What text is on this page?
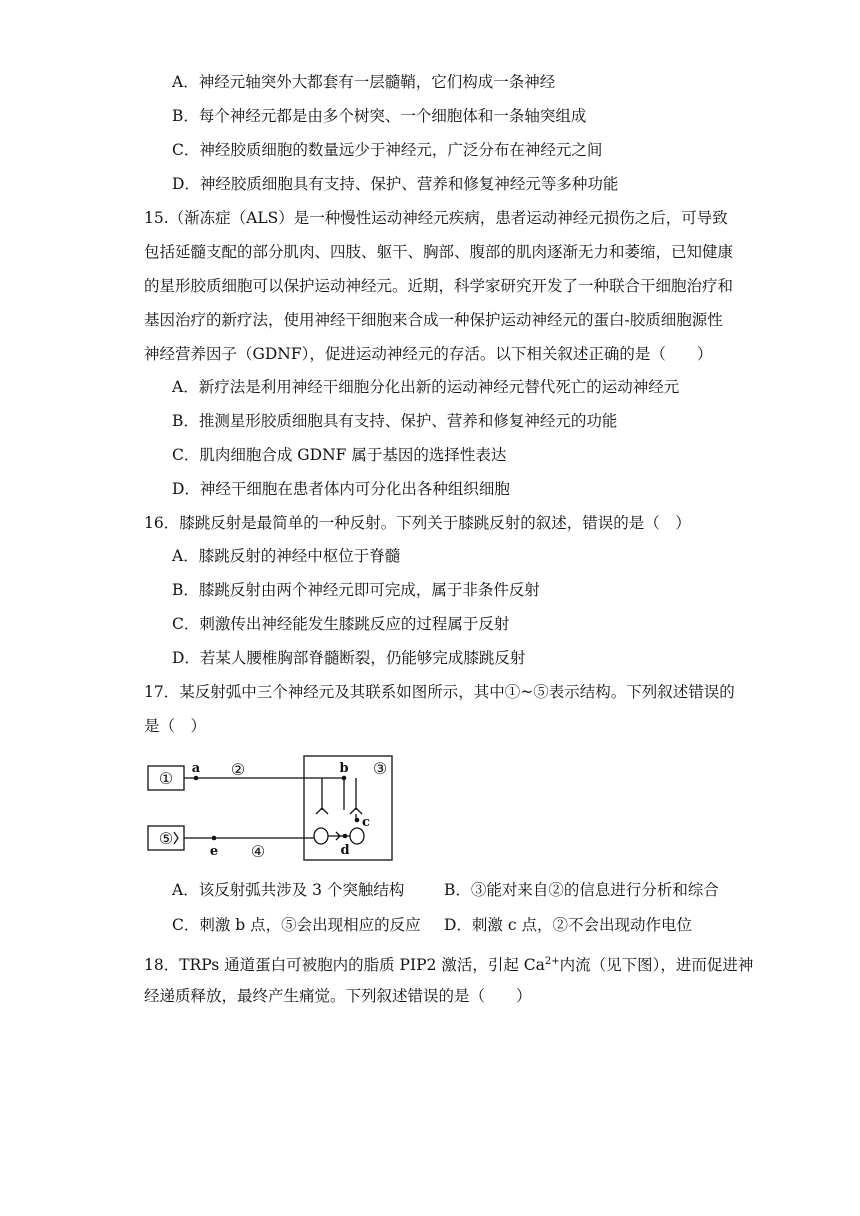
A．神经元轴突外大都套有一层髓鞘，它们构成一条神经
B．每个神经元都是由多个树突、一个细胞体和一条轴突组成
C．神经胶质细胞的数量远少于神经元，广泛分布在神经元之间
D．神经胶质细胞具有支持、保护、营养和修复神经元等多种功能
15.（渐冻症（ALS）是一种慢性运动神经元疾病，患者运动神经元损伤之后，可导致
包括延髓支配的部分肌肉、四肢、躯干、胸部、腹部的肌肉逐渐无力和萎缩，已知健康
的星形胶质细胞可以保护运动神经元。近期，科学家研究开发了一种联合干细胞治疗和
基因治疗的新疗法，使用神经干细胞来合成一种保护运动神经元的蛋白-胶质细胞源性
神经营养因子（GDNF），促进运动神经元的存活。以下相关叙述正确的是（　　）
A．新疗法是利用神经干细胞分化出新的运动神经元替代死亡的运动神经元
B．推测星形胶质细胞具有支持、保护、营养和修复神经元的功能
C．肌肉细胞合成 GDNF 属于基因的选择性表达
D．神经干细胞在患者体内可分化出各种组织细胞
16．膝跳反射是最简单的一种反射。下列关于膝跳反射的叙述，错误的是（　）
A．膝跳反射的神经中枢位于脊髓
B．膝跳反射由两个神经元即可完成，属于非条件反射
C．刺激传出神经能发生膝跳反应的过程属于反射
D．若某人腰椎胸部脊髓断裂，仍能够完成膝跳反射
17．某反射弧中三个神经元及其联系如图所示，其中①~⑤表示结构。下列叙述错误的
是（　）
①
⑤
②	③
④
a	b
c
d
e
A．该反射弧共涉及 3 个突触结构	B．③能对来自②的信息进行分析和综合
C．刺激 b 点，⑤会出现相应的反应 D．刺激 c 点，②不会出现动作电位
18．TRPs 通道蛋白可被胞内的脂质 PIP2 激活，引起 $Ca^{2+}$内流（见下图），进而促进神
经递质释放，最终产生痛觉。下列叙述错误的是（　　）
